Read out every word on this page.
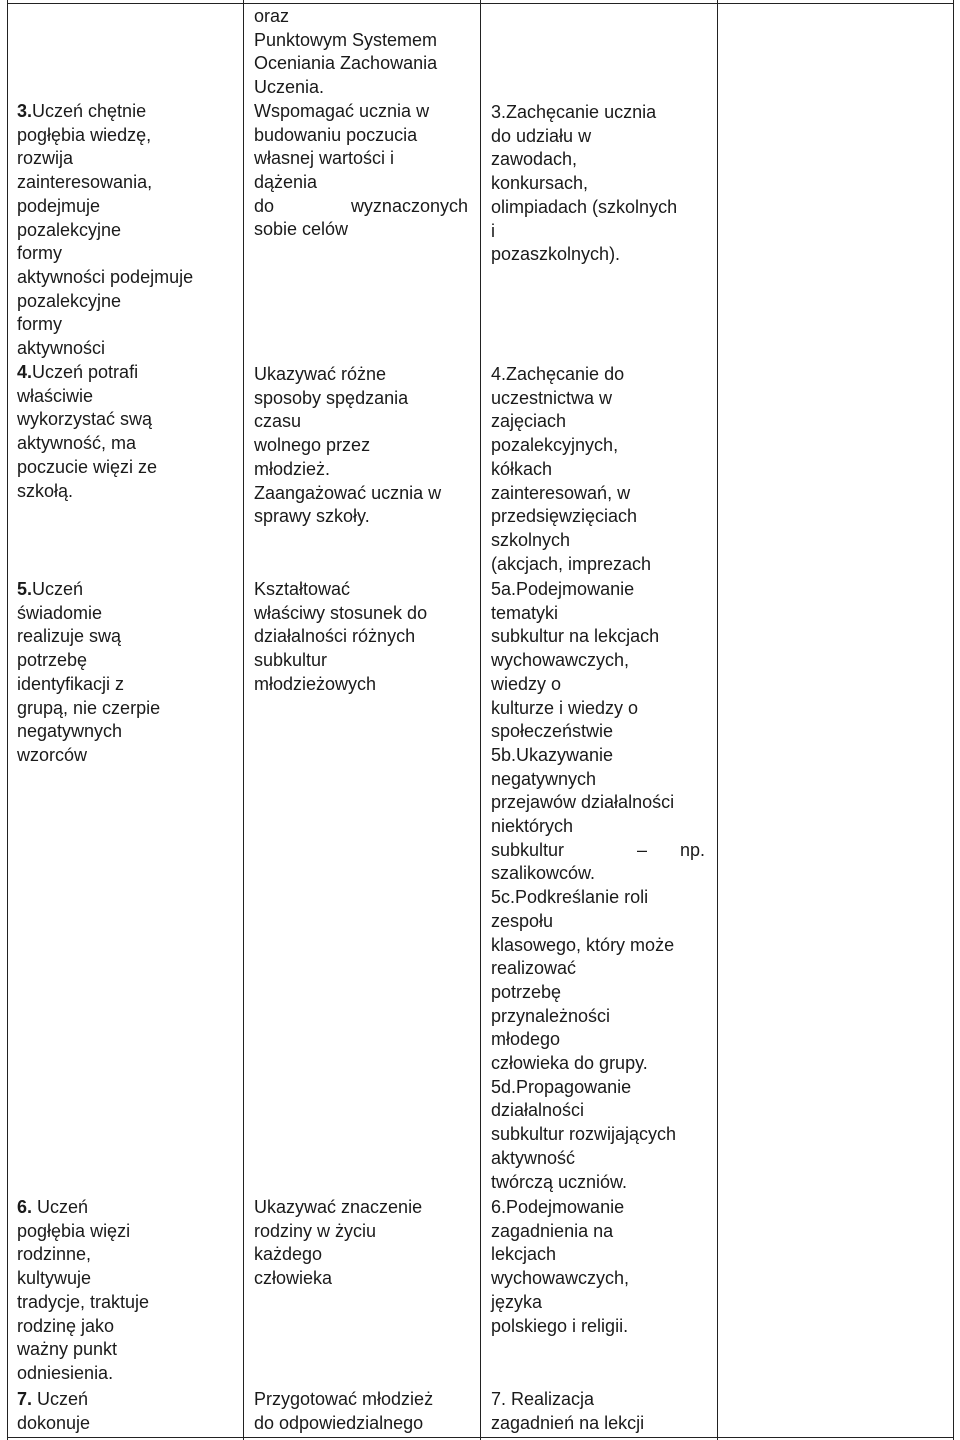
3.Uczeń chętnie
pogłębia wiedzę,
rozwija
zainteresowania,
podejmuje
pozalekcyjne
formy
aktywności podejmuje
pozalekcyjne
formy
aktywności
4.Uczeń potrafi
właściwie
wykorzystać swą
aktywność, ma
poczucie więzi ze
szkołą.
5.Uczeń
świadomie
realizuje swą
potrzebę
identyfikacji z
grupą, nie czerpie
negatywnych
wzorców
6. Uczeń
pogłębia więzi
rodzinne,
kultywuje
tradycje, traktuje
rodzinę jako
ważny punkt
odniesienia.
7. Uczeń
dokonuje
oraz
Punktowym Systemem
Oceniania Zachowania
Uczenia.
Wspomagać ucznia w
budowaniu poczucia
własnej wartości i
dążenia
do	wyznaczonych
sobie celów
Ukazywać różne
sposoby spędzania
czasu
wolnego przez
młodzież.
Zaangażować ucznia w
sprawy szkoły.
Kształtować
właściwy stosunek do
działalności różnych
subkultur
młodzieżowych
Ukazywać znaczenie
rodziny w życiu
każdego
człowieka
Przygotować młodzież
do odpowiedzialnego
3.Zachęcanie ucznia
do udziału w
zawodach,
konkursach,
olimpiadach (szkolnych
i
pozaszkolnych).
4.Zachęcanie do
uczestnictwa w
zajęciach
pozalekcyjnych,
kółkach
zainteresowań, w
przedsięwzięciach
szkolnych
(akcjach, imprezach
5a.Podejmowanie
tematyki
subkultur na lekcjach
wychowawczych,
wiedzy o
kulturze i wiedzy o
społeczeństwie
5b.Ukazywanie
negatywnych
przejawów działalności
niektórych
subkultur	– np.
szalikowców.
5c.Podkreślanie roli
zespołu
klasowego, który może
realizować
potrzebę
przynależności
młodego
człowieka do grupy.
5d.Propagowanie
działalności
subkultur rozwijających
aktywność
twórczą uczniów.
6.Podejmowanie
zagadnienia na
lekcjach
wychowawczych,
języka
polskiego i religii.
7. Realizacja
zagadnień na lekcji
